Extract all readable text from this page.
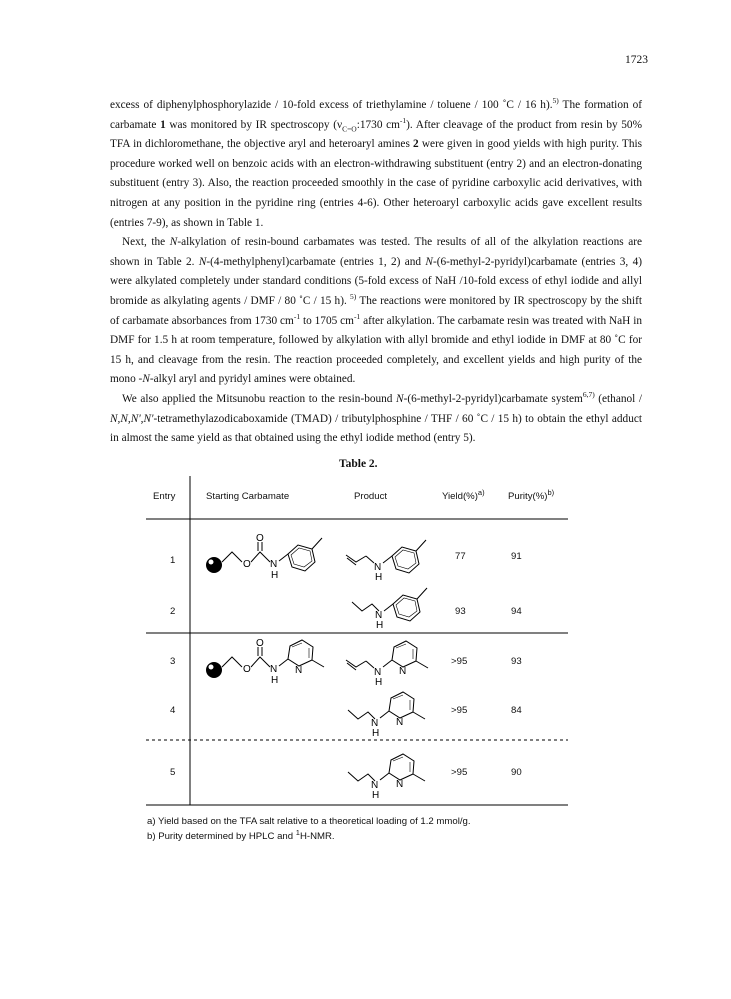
1723

excess of diphenylphosphorylazide / 10-fold excess of triethylamine / toluene / 100 ˚C / 16 h).$^{5)}$ The formation of carbamate 1 was monitored by IR spectroscopy ($\nu_{C=O}:1730$ $cm^{-1}$). After cleavage of the product from resin by 50% TFA in dichloromethane, the objective aryl and heteroaryl amines 2 were given in good yields with high purity. This procedure worked well on benzoic acids with an electron-withdrawing substituent (entry 2) and an electron-donating substituent (entry 3). Also, the reaction proceeded smoothly in the case of pyridine carboxylic acid derivatives, with nitrogen at any position in the pyridine ring (entries 4-6). Other heteroaryl carboxylic acids gave excellent results (entries 7-9), as shown in Table 1.

Next, the N-alkylation of resin-bound carbamates was tested. The results of all of the alkylation reactions are shown in Table 2. N-(4-methylphenyl)carbamate (entries 1, 2) and N-(6-methyl-2-pyridyl)carbamate (entries 3, 4) were alkylated completely under standard conditions (5-fold excess of NaH /10-fold excess of ethyl iodide and allyl bromide as alkylating agents / DMF / 80 ˚C / 15 h). $^{5)}$ The reactions were monitored by IR spectroscopy by the shift of carbamate absorbances from 1730 $cm^{-1}$ to 1705 $cm^{-1}$ after alkylation. The carbamate resin was treated with NaH in DMF for 1.5 h at room temperature, followed by alkylation with allyl bromide and ethyl iodide in DMF at 80 ˚C for 15 h, and cleavage from the resin. The reaction proceeded completely, and excellent yields and high purity of the mono -N-alkyl aryl and pyridyl amines were obtained.

We also applied the Mitsunobu reaction to the resin-bound N-(6-methyl-2-pyridyl)carbamate system$^{6,7)}$ (ethanol / N,N,N',N'-tetramethylazodicaboxamide (TMAD) / tributylphosphine / THF / 60 ˚C / 15 h) to obtain the ethyl adduct in almost the same yield as that obtained using the ethyl iodide method (entry 5).

Table 2.
Entry	Starting Carbamate	Product	Yield(%)$^{a)}$ Purity(%)$^{b)}$
1	77	91
2	93	94
3	>95	93
4	>95	84
5	>95	90
O
O
N
H
N
H
N
H
O
O
N
H
N	N
H
N
N
H
N
N
H
N
a) Yield based on the TFA salt relative to a theoretical loading of 1.2 mmol/g.
b) Purity determined by HPLC and $^1$H-NMR.
